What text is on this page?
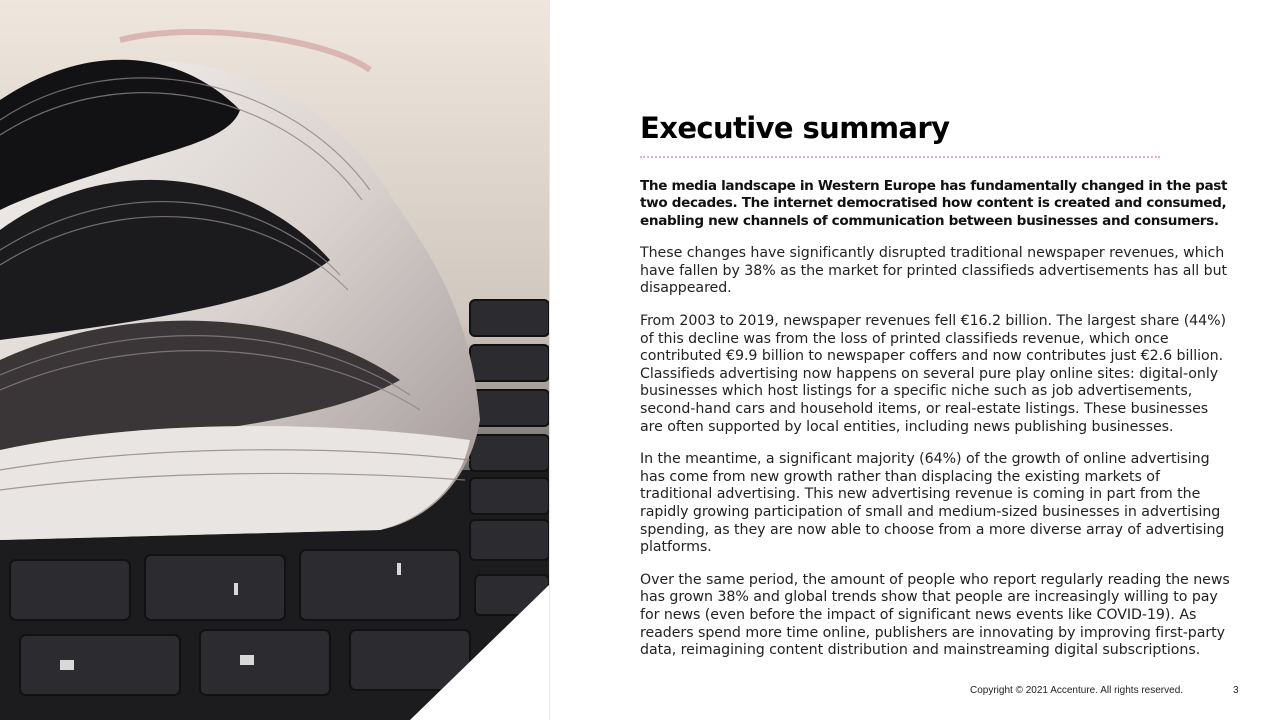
Executive summary

The media landscape in Western Europe has fundamentally changed in the past two decades. The internet democratised how content is created and consumed, enabling new channels of communication between businesses and consumers.

These changes have significantly disrupted traditional newspaper revenues, which have fallen by 38% as the market for printed classifieds advertisements has all but disappeared.

From 2003 to 2019, newspaper revenues fell €16.2 billion. The largest share (44%) of this decline was from the loss of printed classifieds revenue, which once contributed €9.9 billion to newspaper coffers and now contributes just €2.6 billion. Classifieds advertising now happens on several pure play online sites: digital-only businesses which host listings for a specific niche such as job advertisements, second-hand cars and household items, or real-estate listings. These businesses are often supported by local entities, including news publishing businesses.

In the meantime, a significant majority (64%) of the growth of online advertising has come from new growth rather than displacing the existing markets of traditional advertising. This new advertising revenue is coming in part from the rapidly growing participation of small and medium-sized businesses in advertising spending, as they are now able to choose from a more diverse array of advertising platforms.

Over the same period, the amount of people who report regularly reading the news has grown 38% and global trends show that people are increasingly willing to pay for news (even before the impact of significant news events like COVID-19). As readers spend more time online, publishers are innovating by improving first-party data, reimagining content distribution and mainstreaming digital subscriptions.

Copyright © 2021 Accenture. All rights reserved.	3
